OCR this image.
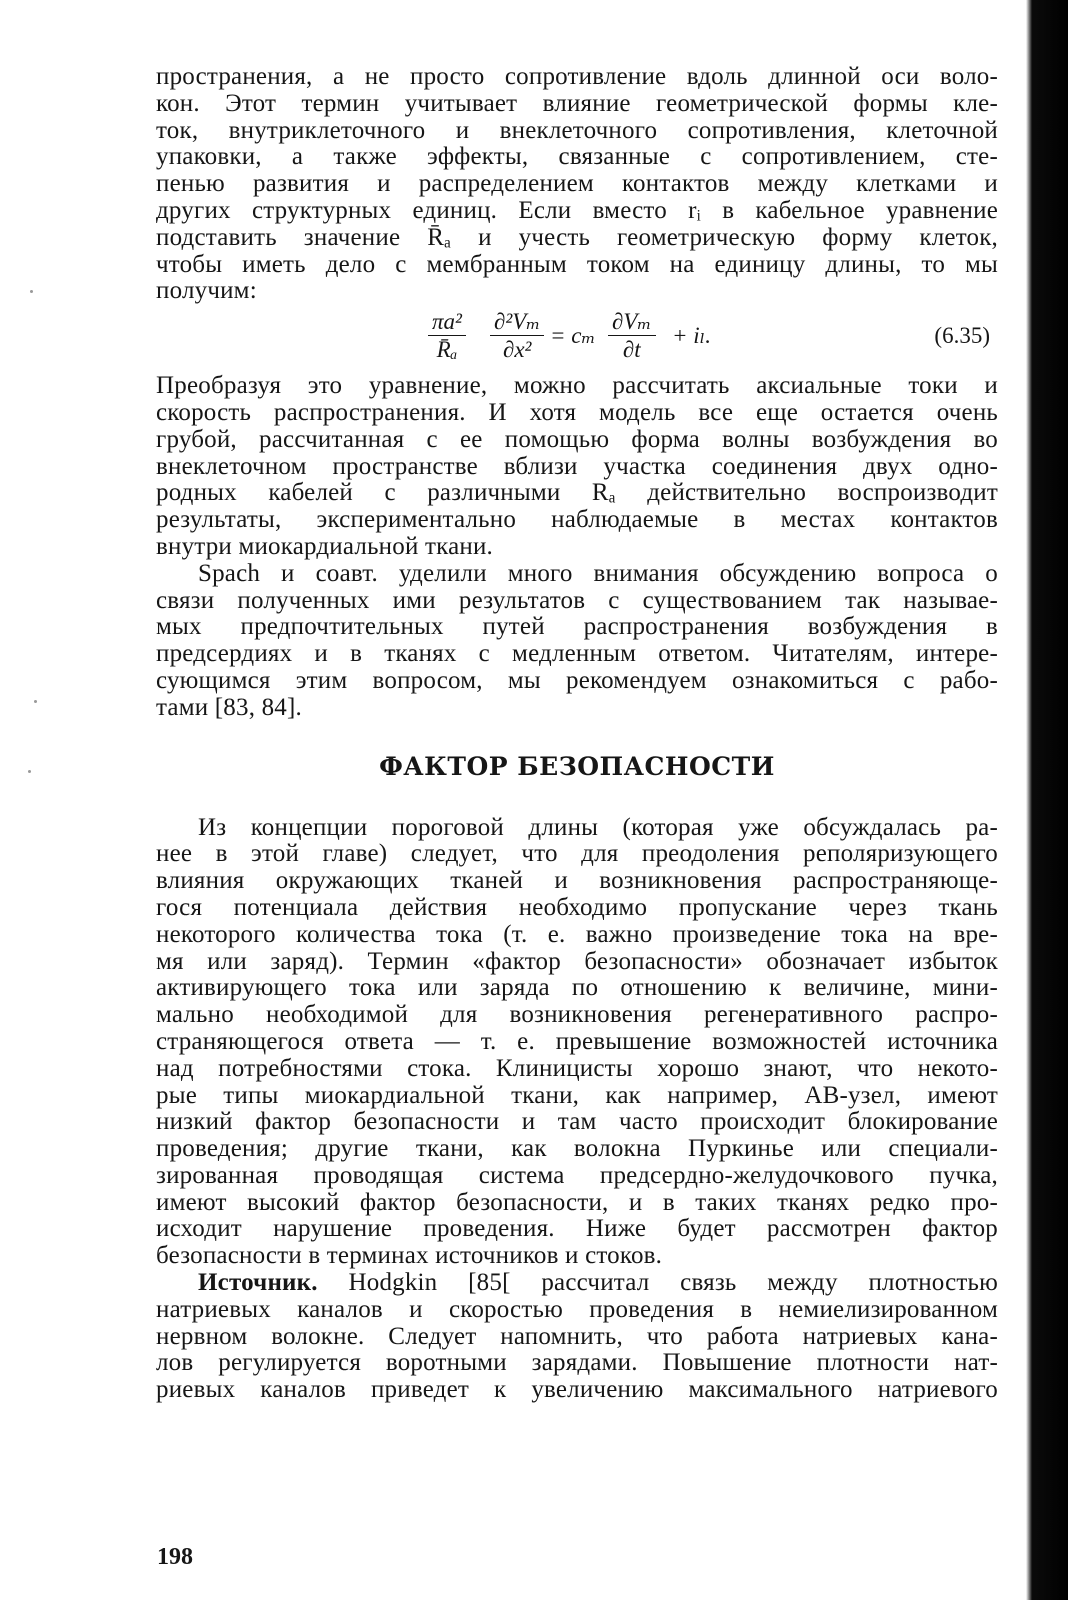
пространения, а не просто сопротивление вдоль длинной оси воло-
кон. Этот термин учитывает влияние геометрической формы кле-
ток, внутриклеточного и внеклеточного сопротивления, клеточной
упаковки, а также эффекты, связанные с сопротивлением, сте-
пенью развития и распределением контактов между клетками и
других структурных единиц. Если вместо rᵢ в кабельное уравнение
подставить значение R̄ₐ и учесть геометрическую форму клеток,
чтобы иметь дело с мембранным током на единицу длины, то мы
получим:
$\frac{\text{πa²}}{\text{R̄ₐ}} \frac{\text{∂²Vₘ}}{\text{∂x²}} = c_m \frac{\text{∂Vₘ}}{\partial t} + i_l$.	(6.35)
Преобразуя это уравнение, можно рассчитать аксиальные токи и
скорость распространения. И хотя модель все еще остается очень
грубой, рассчитанная с ее помощью форма волны возбуждения во
внеклеточном пространстве вблизи участка соединения двух одно-
родных кабелей с различными Rₐ действительно воспроизводит
результаты, экспериментально наблюдаемые в местах контактов
внутри миокардиальной ткани.
Spach и соавт. уделили много внимания обсуждению вопроса о
связи полученных ими результатов с существованием так называе-
мых предпочтительных путей распространения возбуждения в
предсердиях и в тканях с медленным ответом. Читателям, интере-
сующимся этим вопросом, мы рекомендуем ознакомиться с рабо-
тами [83, 84].
ФАКТОР БЕЗОПАСНОСТИ
Из концепции пороговой длины (которая уже обсуждалась ра-
нее в этой главе) следует, что для преодоления реполяризующего
влияния окружающих тканей и возникновения распространяюще-
гося потенциала действия необходимо пропускание через ткань
некоторого количества тока (т. е. важно произведение тока на вре-
мя или заряд). Термин «фактор безопасности» обозначает избыток
активирующего тока или заряда по отношению к величине, мини-
мально необходимой для возникновения регенеративного распро-
страняющегося ответа — т. е. превышение возможностей источника
над потребностями стока. Клиницисты хорошо знают, что некото-
рые типы миокардиальной ткани, как например, АВ-узел, имеют
низкий фактор безопасности и там часто происходит блокирование
проведения; другие ткани, как волокна Пуркинье или специали-
зированная проводящая система предсердно-желудочкового пучка,
имеют высокий фактор безопасности, и в таких тканях редко про-
исходит нарушение проведения. Ниже будет рассмотрен фактор
безопасности в терминах источников и стоков.
Источник. Hodgkin [85[ рассчитал связь между плотностью
натриевых каналов и скоростью проведения в немиелизированном
нервном волокне. Следует напомнить, что работа натриевых кана-
лов регулируется воротными зарядами. Повышение плотности нат-
риевых каналов приведет к увеличению максимального натриевого
198
